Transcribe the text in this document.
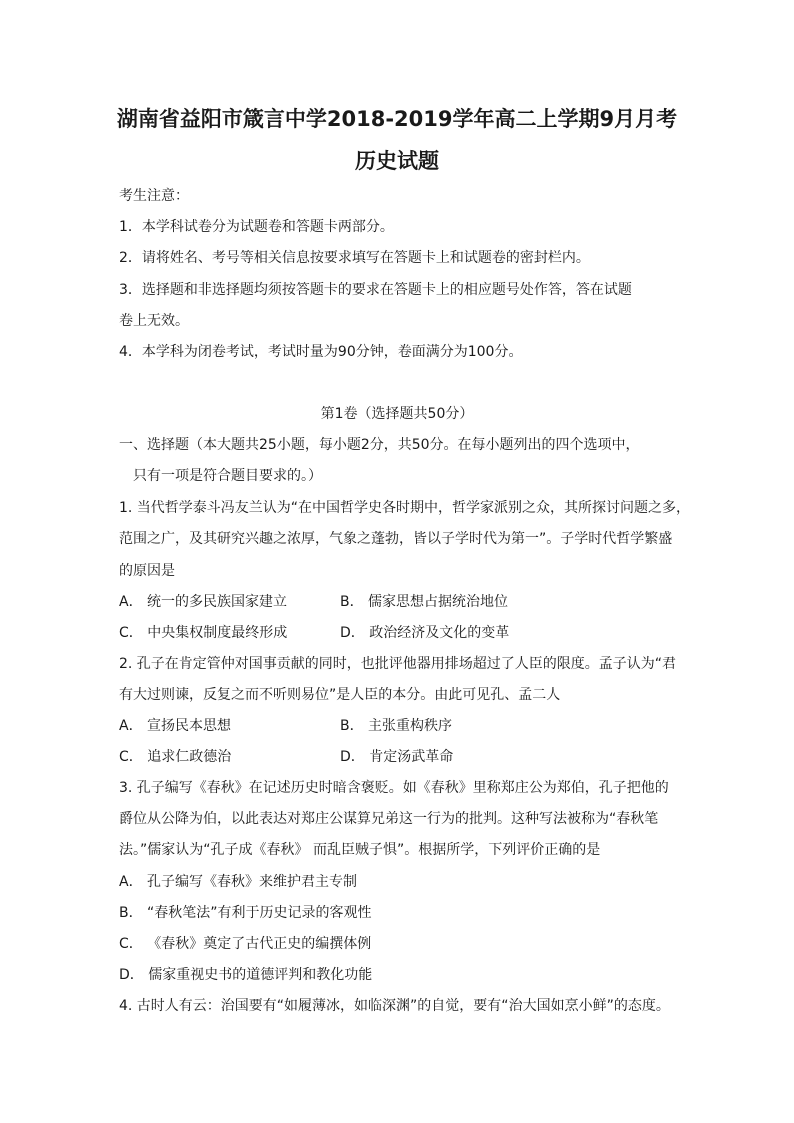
湖南省益阳市箴言中学2018-2019学年高二上学期9月月考
历史试题
考生注意：
1．本学科试卷分为试题卷和答题卡两部分。
2．请将姓名、考号等相关信息按要求填写在答题卡上和试题卷的密封栏内。
3．选择题和非选择题均须按答题卡的要求在答题卡上的相应题号处作答，答在试题
卷上无效。
4．本学科为闭卷考试，考试时量为90分钟，卷面满分为100分。
第1卷（选择题共50分）
一、选择题（本大题共25小题，每小题2分，共50分。在每小题列出的四个选项中，
只有一项是符合题目要求的。）
1. 当代哲学泰斗冯友兰认为“在中国哲学史各时期中，哲学家派别之众，其所探讨问题之多，
范围之广，及其研究兴趣之浓厚，气象之蓬勃，皆以子学时代为第一”。子学时代哲学繁盛
的原因是
A． 统一的多民族国家建立	B． 儒家思想占据统治地位
C． 中央集权制度最终形成	D． 政治经济及文化的变革
2. 孔子在肯定管仲对国事贡献的同时，也批评他器用排场超过了人臣的限度。孟子认为“君
有大过则谏，反复之而不听则易位”是人臣的本分。由此可见孔、孟二人
A． 宣扬民本思想	B． 主张重构秩序
C． 追求仁政德治	D． 肯定汤武革命
3. 孔子编写《春秋》在记述历史时暗含褒贬。如《春秋》里称郑庄公为郑伯，孔子把他的
爵位从公降为伯，以此表达对郑庄公谋算兄弟这一行为的批判。这种写法被称为“春秋笔
法。”儒家认为“孔子成《春秋》 而乱臣贼子惧”。根据所学，下列评价正确的是
A． 孔子编写《春秋》来维护君主专制
B． “春秋笔法”有利于历史记录的客观性
C． 《春秋》奠定了古代正史的编撰体例
D． 儒家重视史书的道德评判和教化功能
4. 古时人有云：治国要有“如履薄冰，如临深渊”的自觉，要有“治大国如烹小鲜”的态度。
